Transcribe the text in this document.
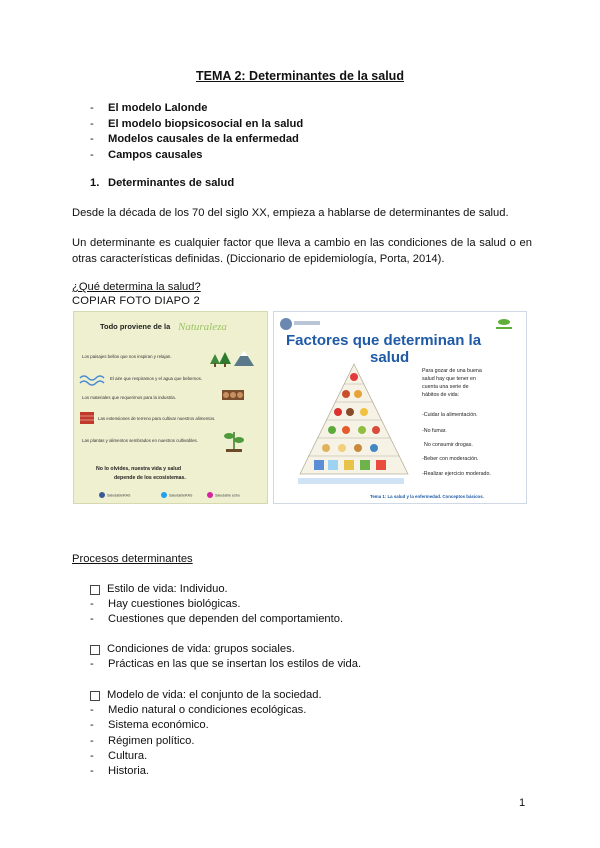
TEMA 2: Determinantes de la salud
- El modelo Lalonde
- El modelo biopsicosocial en la salud
- Modelos causales de la enfermedad
- Campos causales
1. Determinantes de salud

Desde la década de los 70 del siglo XX, empieza a hablarse de determinantes de salud.

Un determinante es cualquier factor que lleva a cambio en las condiciones de la salud o en otras características definidas. (Diccionario de epidemiología, Porta, 2014).

¿Qué determina la salud?
COPIAR FOTO DIAPO 2
Todo proviene de la Naturaleza
Los paisajes bellos que nos inspiran y relajan.
El aire que respiramos y el agua que bebemos.
Los materiales que requerimos para la industria.
Las extensiones de terreno para cultivar nuestros alimentos.
Las plantas y alimentos sembrados en nuestros cultivables.
No lo olvides, nuestra vida y salud
depende de los ecosistemas.
SaludableRAS	SaludableRAS	Saludable eshu
Factores que determinan la
salud
Para gozar de una buena salud hay que tener en cuenta una serie de hábitos de vida:
-Cuidar la alimentación.
-No fumar.
No consumir drogas.
-Beber con moderación.
-Realizar ejercicio moderado.
Tema 1: La salud y la enfermedad. Conceptos básicos.
Procesos determinantes
Estilo de vida: Individuo.
- Hay cuestiones biológicas.
- Cuestiones que dependen del comportamiento.
Condiciones de vida: grupos sociales.
- Prácticas en las que se insertan los estilos de vida.
Modelo de vida: el conjunto de la sociedad.
- Medio natural o condiciones ecológicas.
- Sistema económico.
- Régimen político.
- Cultura.
- Historia.
1
